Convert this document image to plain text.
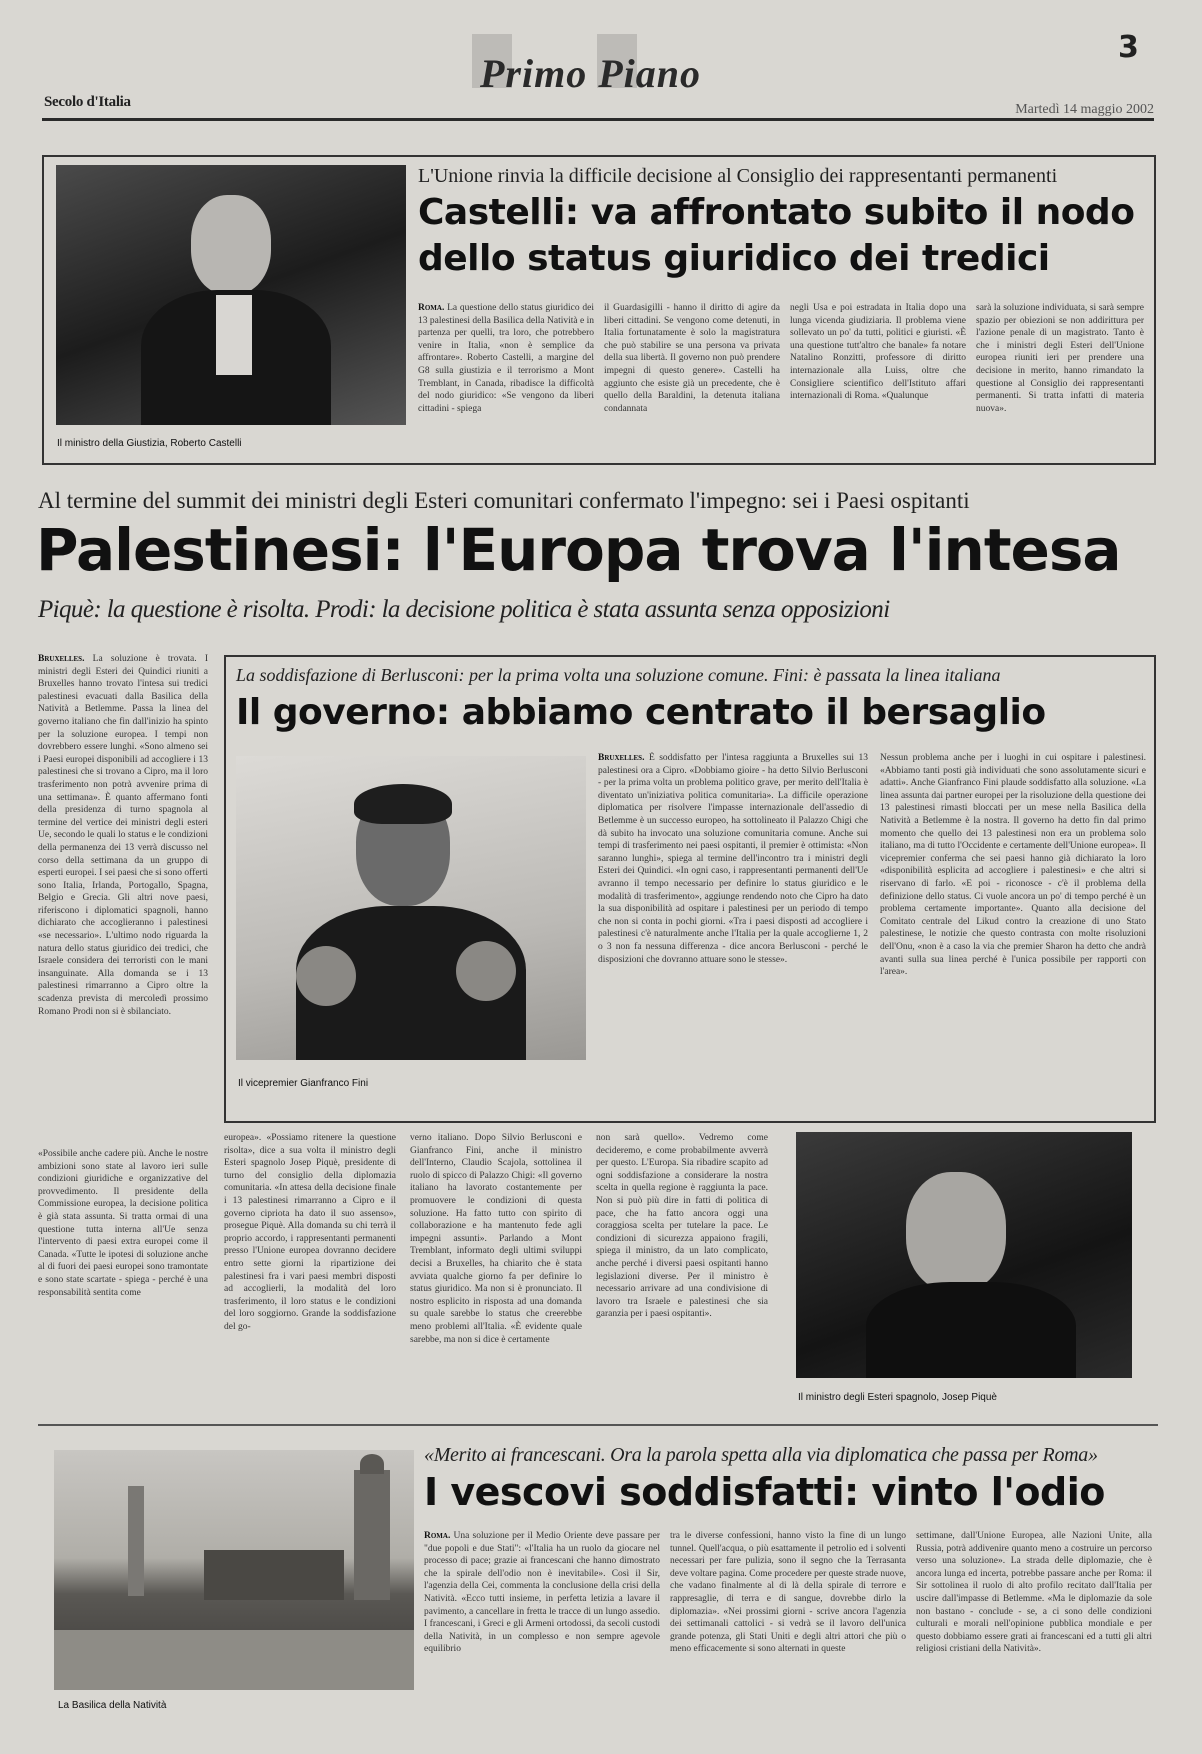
Primo Piano
3
Secolo d'Italia	Martedì 14 maggio 2002
Il ministro della Giustizia, Roberto Castelli
L'Unione rinvia la difficile decisione al Consiglio dei rappresentanti permanenti
Castelli: va affrontato subito il nodo
dello status giuridico dei tredici
Roma. La questione dello status giuridico dei 13 palestinesi della Basilica della Natività e in partenza per quelli, tra loro, che potrebbero venire in Italia, «non è semplice da affrontare». Roberto Castelli, a margine del G8 sulla giustizia e il terrorismo a Mont Tremblant, in Canada, ribadisce la difficoltà del nodo giuridico: «Se vengono da liberi cittadini - spiega
il Guardasigilli - hanno il diritto di agire da liberi cittadini. Se vengono come detenuti, in Italia fortunatamente è solo la magistratura che può stabilire se una persona va privata della sua libertà. Il governo non può prendere impegni di questo genere». Castelli ha aggiunto che esiste già un precedente, che è quello della Baraldini, la detenuta italiana condannata
negli Usa e poi estradata in Italia dopo una lunga vicenda giudiziaria. Il problema viene sollevato un po' da tutti, politici e giuristi. «È una questione tutt'altro che banale» fa notare Natalino Ronzitti, professore di diritto internazionale alla Luiss, oltre che Consigliere scientifico dell'Istituto affari internazionali di Roma. «Qualunque
sarà la soluzione individuata, si sarà sempre spazio per obiezioni se non addirittura per l'azione penale di un magistrato. Tanto è che i ministri degli Esteri dell'Unione europea riuniti ieri per prendere una decisione in merito, hanno rimandato la questione al Consiglio dei rappresentanti permanenti. Si tratta infatti di materia nuova».
Al termine del summit dei ministri degli Esteri comunitari confermato l'impegno: sei i Paesi ospitanti
Palestinesi: l'Europa trova l'intesa
Piquè: la questione è risolta. Prodi: la decisione politica è stata assunta senza opposizioni
Bruxelles. La soluzione è trovata. I ministri degli Esteri dei Quindici riuniti a Bruxelles hanno trovato l'intesa sui tredici palestinesi evacuati dalla Basilica della Natività a Betlemme. Passa la linea del governo italiano che fin dall'inizio ha spinto per la soluzione europea. I tempi non dovrebbero essere lunghi. «Sono almeno sei i Paesi europei disponibili ad accogliere i 13 palestinesi che si trovano a Cipro, ma il loro trasferimento non potrà avvenire prima di una settimana». È quanto affermano fonti della presidenza di turno spagnola al termine del vertice dei ministri degli esteri Ue, secondo le quali lo status e le condizioni della permanenza dei 13 verrà discusso nel corso della settimana da un gruppo di esperti europei. I sei paesi che si sono offerti sono Italia, Irlanda, Portogallo, Spagna, Belgio e Grecia. Gli altri nove paesi, riferiscono i diplomatici spagnoli, hanno dichiarato che accoglieranno i palestinesi «se necessario». L'ultimo nodo riguarda la natura dello status giuridico dei tredici, che Israele considera dei terroristi con le mani insanguinate. Alla domanda se i 13 palestinesi rimarranno a Cipro oltre la scadenza prevista di mercoledì prossimo Romano Prodi non si è sbilanciato.
La soddisfazione di Berlusconi: per la prima volta una soluzione comune. Fini: è passata la linea italiana
Il governo: abbiamo centrato il bersaglio
Il vicepremier Gianfranco Fini
Bruxelles. È soddisfatto per l'intesa raggiunta a Bruxelles sui 13 palestinesi ora a Cipro. «Dobbiamo gioire - ha detto Silvio Berlusconi - per la prima volta un problema politico grave, per merito dell'Italia è diventato un'iniziativa politica comunitaria». La difficile operazione diplomatica per risolvere l'impasse internazionale dell'assedio di Betlemme è un successo europeo, ha sottolineato il Palazzo Chigi che dà subito ha invocato una soluzione comunitaria comune. Anche sui tempi di trasferimento nei paesi ospitanti, il premier è ottimista: «Non saranno lunghi», spiega al termine dell'incontro tra i ministri degli Esteri dei Quindici. «In ogni caso, i rappresentanti permanenti dell'Ue avranno il tempo necessario per definire lo status giuridico e le modalità di trasferimento», aggiunge rendendo noto che Cipro ha dato la sua disponibilità ad ospitare i palestinesi per un periodo di tempo che non si conta in pochi giorni. «Tra i paesi disposti ad accogliere i palestinesi c'è naturalmente anche l'Italia per la quale accoglierne 1, 2 o 3 non fa nessuna differenza - dice ancora Berlusconi - perché le disposizioni che dovranno attuare sono le stesse».
Nessun problema anche per i luoghi in cui ospitare i palestinesi. «Abbiamo tanti posti già individuati che sono assolutamente sicuri e adatti». Anche Gianfranco Fini plaude soddisfatto alla soluzione. «La linea assunta dai partner europei per la risoluzione della questione dei 13 palestinesi rimasti bloccati per un mese nella Basilica della Natività a Betlemme è la nostra. Il governo ha detto fin dal primo momento che quello dei 13 palestinesi non era un problema solo italiano, ma di tutto l'Occidente e certamente dell'Unione europea». Il vicepremier conferma che sei paesi hanno già dichiarato la loro «disponibilità esplicita ad accogliere i palestinesi» e che altri si riservano di farlo. «E poi - riconosce - c'è il problema della definizione dello status. Ci vuole ancora un po' di tempo perché è un problema certamente importante». Quanto alla decisione del Comitato centrale del Likud contro la creazione di uno Stato palestinese, le notizie che questo contrasta con molte risoluzioni dell'Onu, «non è a caso la via che premier Sharon ha detto che andrà avanti sulla sua linea perché è l'unica possibile per rapporti con l'area».
«Possibile anche cadere più. Anche le nostre ambizioni sono state al lavoro ieri sulle condizioni giuridiche e organizzative del provvedimento. Il presidente della Commissione europea, la decisione politica è già stata assunta. Si tratta ormai di una questione tutta interna all'Ue senza l'intervento di paesi extra europei come il Canada. «Tutte le ipotesi di soluzione anche al di fuori dei paesi europei sono tramontate e sono state scartate - spiega - perché è una responsabilità sentita come
europea». «Possiamo ritenere la questione risolta», dice a sua volta il ministro degli Esteri spagnolo Josep Piquè, presidente di turno del consiglio della diplomazia comunitaria. «In attesa della decisione finale i 13 palestinesi rimarranno a Cipro e il governo cipriota ha dato il suo assenso», prosegue Piquè. Alla domanda su chi terrà il proprio accordo, i rappresentanti permanenti presso l'Unione europea dovranno decidere entro sette giorni la ripartizione dei palestinesi fra i vari paesi membri disposti ad accoglierli, la modalità del loro trasferimento, il loro status e le condizioni del loro soggiorno. Grande la soddisfazione del go-
verno italiano. Dopo Silvio Berlusconi e Gianfranco Fini, anche il ministro dell'Interno, Claudio Scajola, sottolinea il ruolo di spicco di Palazzo Chigi: «Il governo italiano ha lavorato costantemente per promuovere le condizioni di questa soluzione. Ha fatto tutto con spirito di collaborazione e ha mantenuto fede agli impegni assunti». Parlando a Mont Tremblant, informato degli ultimi sviluppi decisi a Bruxelles, ha chiarito che è stata avviata qualche giorno fa per definire lo status giuridico. Ma non si è pronunciato. Il nostro esplicito in risposta ad una domanda su quale sarebbe lo status che creerebbe meno problemi all'Italia. «È evidente quale sarebbe, ma non si dice è certamente
non sarà quello». Vedremo come decideremo, e come probabilmente avverrà per questo. L'Europa. Sia ribadire scapito ad ogni soddisfazione a considerare la nostra scelta in quella regione è raggiunta la pace. Non si può più dire in fatti di politica di pace, che ha fatto ancora oggi una coraggiosa scelta per tutelare la pace. Le condizioni di sicurezza appaiono fragili, spiega il ministro, da un lato complicato, anche perché i diversi paesi ospitanti hanno legislazioni diverse. Per il ministro è necessario arrivare ad una condivisione di lavoro tra Israele e palestinesi che sia garanzia per i paesi ospitanti».
Il ministro degli Esteri spagnolo, Josep Piquè
La Basilica della Natività
«Merito ai francescani. Ora la parola spetta alla via diplomatica che passa per Roma»
I vescovi soddisfatti: vinto l'odio
Roma. Una soluzione per il Medio Oriente deve passare per "due popoli e due Stati": «l'Italia ha un ruolo da giocare nel processo di pace; grazie ai francescani che hanno dimostrato che la spirale dell'odio non è inevitabile». Così il Sir, l'agenzia della Cei, commenta la conclusione della crisi della Natività. «Ecco tutti insieme, in perfetta letizia a lavare il pavimento, a cancellare in fretta le tracce di un lungo assedio. I francescani, i Greci e gli Armeni ortodossi, da secoli custodi della Natività, in un complesso e non sempre agevole equilibrio
tra le diverse confessioni, hanno visto la fine di un lungo tunnel. Quell'acqua, o più esattamente il petrolio ed i solventi necessari per fare pulizia, sono il segno che la Terrasanta deve voltare pagina. Come procedere per queste strade nuove, che vadano finalmente al di là della spirale di terrore e rappresaglie, di terra e di sangue, dovrebbe dirlo la diplomazia». «Nei prossimi giorni - scrive ancora l'agenzia dei settimanali cattolici - si vedrà se il lavoro dell'unica grande potenza, gli Stati Uniti e degli altri attori che più o meno efficacemente si sono alternati in queste
settimane, dall'Unione Europea, alle Nazioni Unite, alla Russia, potrà addivenire quanto meno a costruire un percorso verso una soluzione». La strada delle diplomazie, che è ancora lunga ed incerta, potrebbe passare anche per Roma: il Sir sottolinea il ruolo di alto profilo recitato dall'Italia per uscire dall'impasse di Betlemme. «Ma le diplomazie da sole non bastano - conclude - se, a ci sono delle condizioni culturali e morali nell'opinione pubblica mondiale e per questo dobbiamo essere grati ai francescani ed a tutti gli altri religiosi cristiani della Natività».
